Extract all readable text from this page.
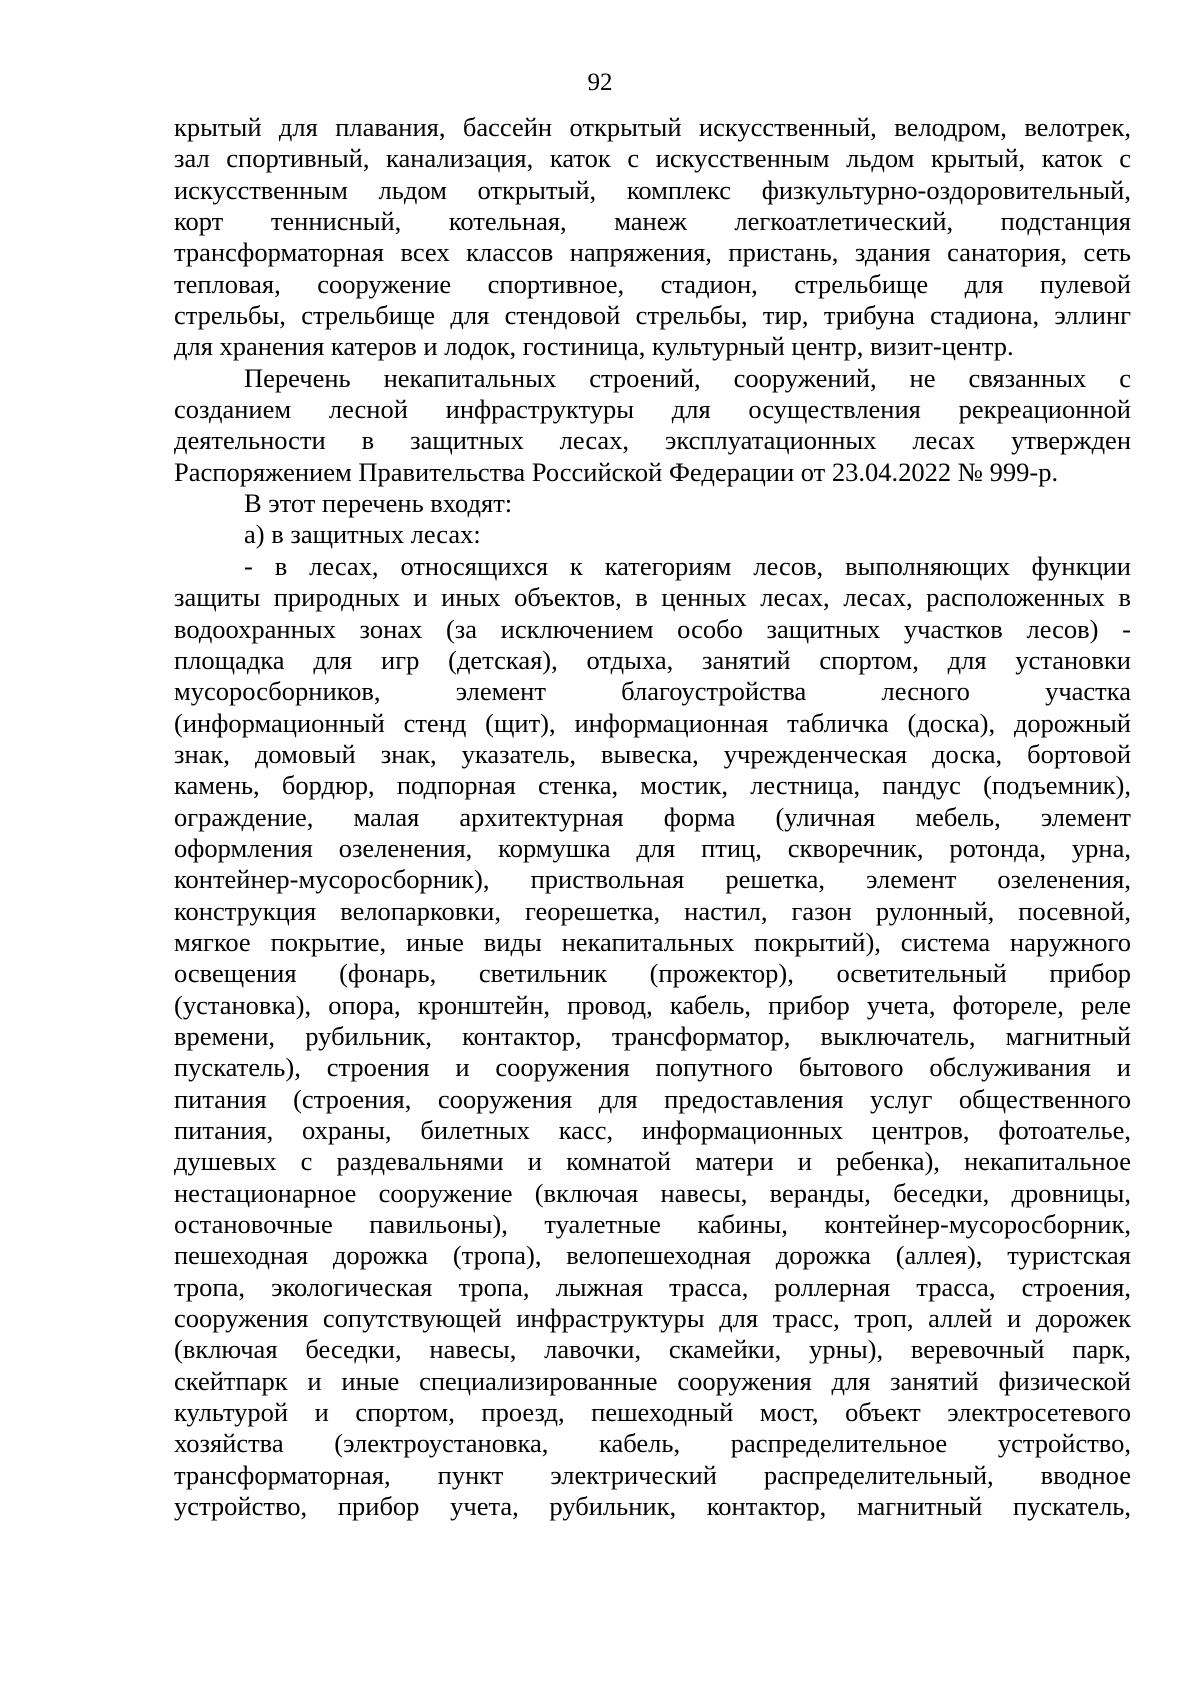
92

крытый для плавания, бассейн открытый искусственный, велодром, велотрек,
зал спортивный, канализация, каток с искусственным льдом крытый, каток с
искусственным льдом открытый, комплекс физкультурно-оздоровительный,
корт теннисный, котельная, манеж легкоатлетический, подстанция
трансформаторная всех классов напряжения, пристань, здания санатория, сеть
тепловая, сооружение спортивное, стадион, стрельбище для пулевой
стрельбы, стрельбище для стендовой стрельбы, тир, трибуна стадиона, эллинг
для хранения катеров и лодок, гостиница, культурный центр, визит-центр.

Перечень некапитальных строений, сооружений, не связанных с
созданием лесной инфраструктуры для осуществления рекреационной
деятельности в защитных лесах, эксплуатационных лесах утвержден
Распоряжением Правительства Российской Федерации от 23.04.2022 № 999-р.

В этот перечень входят:

а) в защитных лесах:

- в лесах, относящихся к категориям лесов, выполняющих функции
защиты природных и иных объектов, в ценных лесах, лесах, расположенных в
водоохранных зонах (за исключением особо защитных участков лесов) -
площадка для игр (детская), отдыха, занятий спортом, для установки
мусоросборников, элемент благоустройства лесного участка
(информационный стенд (щит), информационная табличка (доска), дорожный
знак, домовый знак, указатель, вывеска, учрежденческая доска, бортовой
камень, бордюр, подпорная стенка, мостик, лестница, пандус (подъемник),
ограждение, малая архитектурная форма (уличная мебель, элемент
оформления озеленения, кормушка для птиц, скворечник, ротонда, урна,
контейнер-мусоросборник), приствольная решетка, элемент озеленения,
конструкция велопарковки, георешетка, настил, газон рулонный, посевной,
мягкое покрытие, иные виды некапитальных покрытий), система наружного
освещения (фонарь, светильник (прожектор), осветительный прибор
(установка), опора, кронштейн, провод, кабель, прибор учета, фотореле, реле
времени, рубильник, контактор, трансформатор, выключатель, магнитный
пускатель), строения и сооружения попутного бытового обслуживания и
питания (строения, сооружения для предоставления услуг общественного
питания, охраны, билетных касс, информационных центров, фотоателье,
душевых с раздевальнями и комнатой матери и ребенка), некапитальное
нестационарное сооружение (включая навесы, веранды, беседки, дровницы,
остановочные павильоны), туалетные кабины, контейнер-мусоросборник,
пешеходная дорожка (тропа), велопешеходная дорожка (аллея), туристская
тропа, экологическая тропа, лыжная трасса, роллерная трасса, строения,
сооружения сопутствующей инфраструктуры для трасс, троп, аллей и дорожек
(включая беседки, навесы, лавочки, скамейки, урны), веревочный парк,
скейтпарк и иные специализированные сооружения для занятий физической
культурой и спортом, проезд, пешеходный мост, объект электросетевого
хозяйства (электроустановка, кабель, распределительное устройство,
трансформаторная, пункт электрический распределительный, вводное
устройство, прибор учета, рубильник, контактор, магнитный пускатель,
